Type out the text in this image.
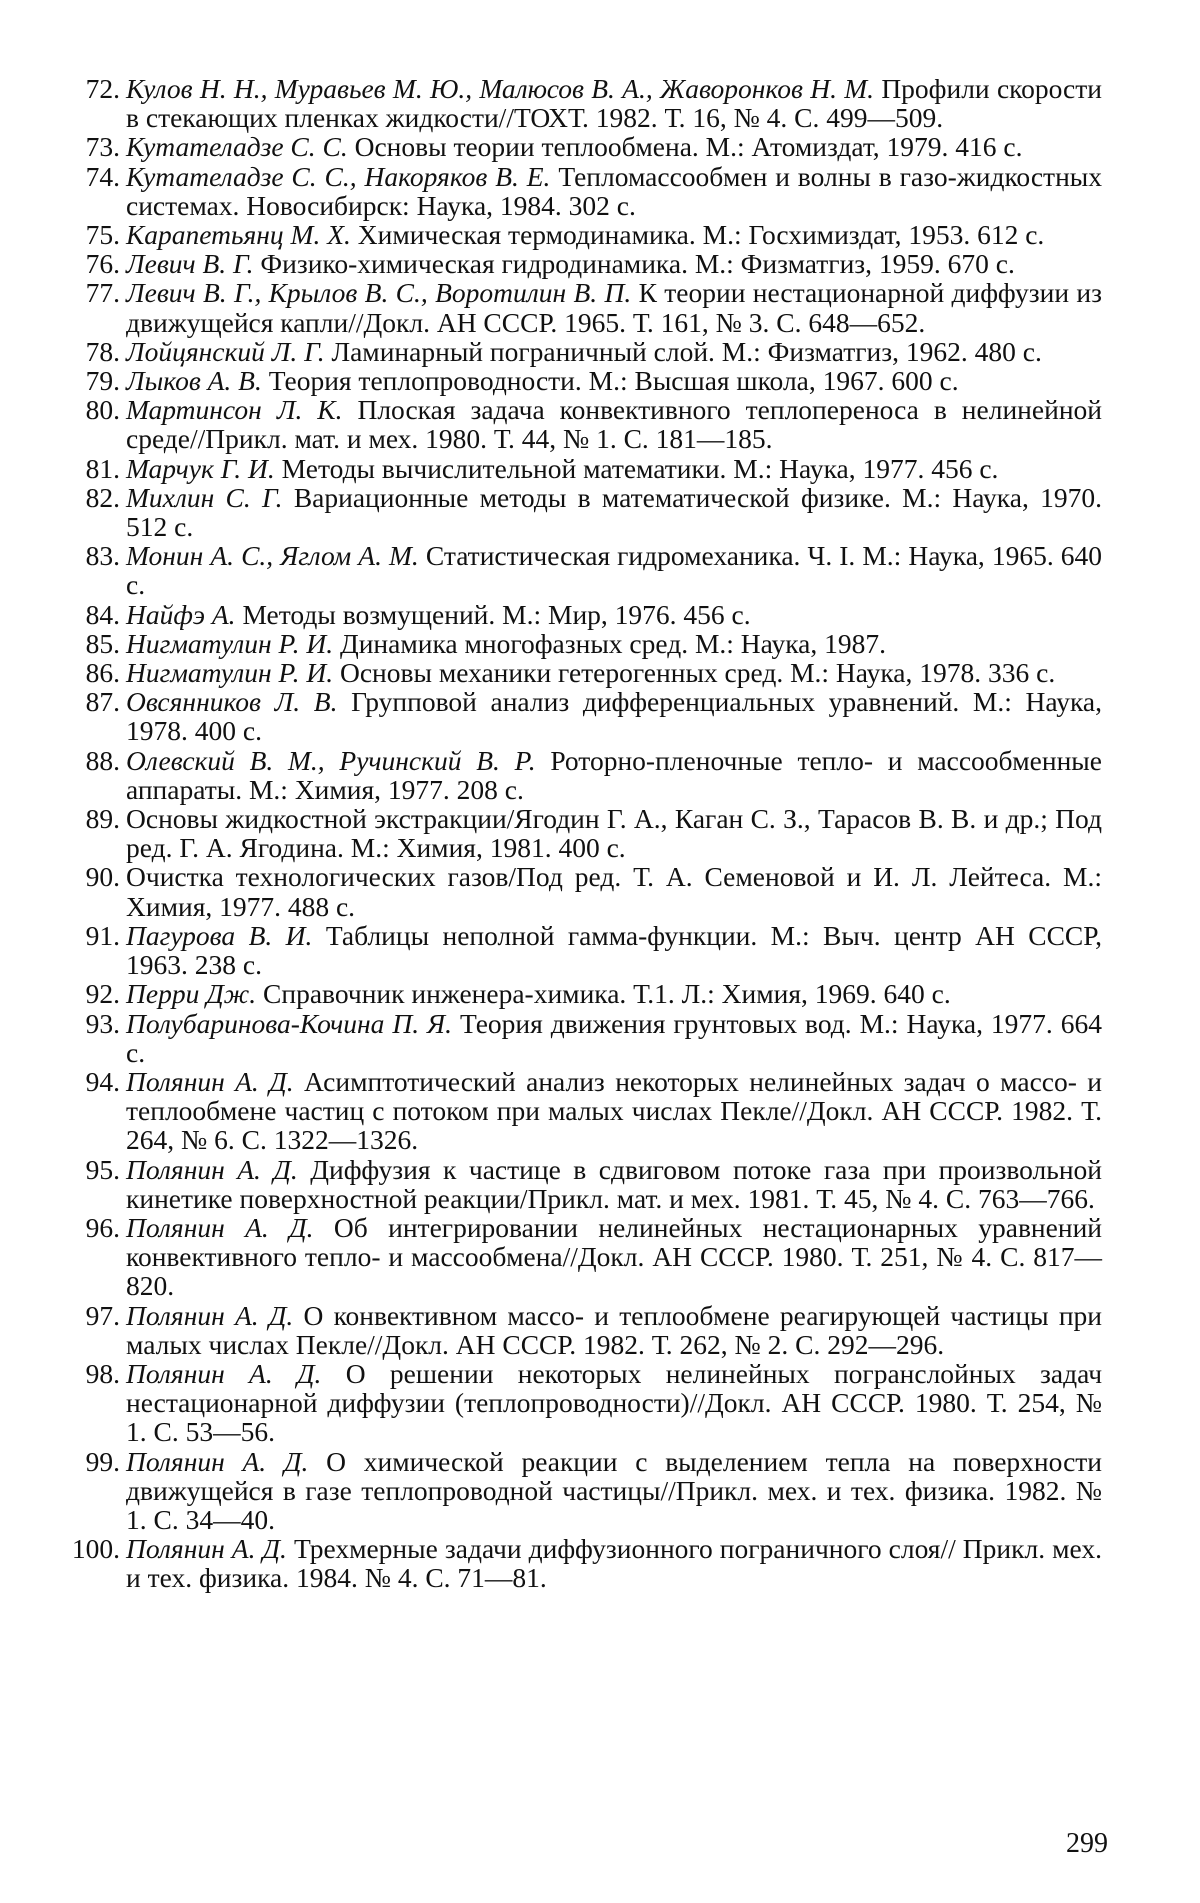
72. Кулов Н. Н., Муравьев М. Ю., Малюсов В. А., Жаворонков Н. М. Профили скорости в стекающих пленках жидкости//ТОХТ. 1982. Т. 16, № 4. С. 499—509.
73. Кутателадзе С. С. Основы теории теплообмена. М.: Атомиздат, 1979. 416 с.
74. Кутателадзе С. С., Накоряков В. Е. Тепломассообмен и волны в газо-жидкостных системах. Новосибирск: Наука, 1984. 302 с.
75. Карапетьянц М. Х. Химическая термодинамика. М.: Госхимиздат, 1953. 612 с.
76. Левич В. Г. Физико-химическая гидродинамика. М.: Физматгиз, 1959. 670 с.
77. Левич В. Г., Крылов В. С., Воротилин В. П. К теории нестационарной диффузии из движущейся капли//Докл. АН СССР. 1965. Т. 161, № 3. С. 648—652.
78. Лойцянский Л. Г. Ламинарный пограничный слой. М.: Физматгиз, 1962. 480 с.
79. Лыков А. В. Теория теплопроводности. М.: Высшая школа, 1967. 600 с.
80. Мартинсон Л. К. Плоская задача конвективного теплопереноса в нелинейной среде//Прикл. мат. и мех. 1980. Т. 44, № 1. С. 181—185.
81. Марчук Г. И. Методы вычислительной математики. М.: Наука, 1977. 456 с.
82. Михлин С. Г. Вариационные методы в математической физике. М.: Наука, 1970. 512 с.
83. Монин А. С., Яглом А. М. Статистическая гидромеханика. Ч. I. М.: Наука, 1965. 640 с.
84. Найфэ А. Методы возмущений. М.: Мир, 1976. 456 с.
85. Нигматулин Р. И. Динамика многофазных сред. М.: Наука, 1987.
86. Нигматулин Р. И. Основы механики гетерогенных сред. М.: Наука, 1978. 336 с.
87. Овсянников Л. В. Групповой анализ дифференциальных уравнений. М.: Наука, 1978. 400 с.
88. Олевский В. М., Ручинский В. Р. Роторно-пленочные тепло- и массообменные аппараты. М.: Химия, 1977. 208 с.
89. Основы жидкостной экстракции/Ягодин Г. А., Каган С. З., Тарасов В. В. и др.; Под ред. Г. А. Ягодина. М.: Химия, 1981. 400 с.
90. Очистка технологических газов/Под ред. Т. А. Семеновой и И. Л. Лейтеса. М.: Химия, 1977. 488 с.
91. Пагурова В. И. Таблицы неполной гамма-функции. М.: Выч. центр АН СССР, 1963. 238 с.
92. Перри Дж. Справочник инженера-химика. Т.1. Л.: Химия, 1969. 640 с.
93. Полубаринова-Кочина П. Я. Теория движения грунтовых вод. М.: Наука, 1977. 664 с.
94. Полянин А. Д. Асимптотический анализ некоторых нелинейных задач о массо- и теплообмене частиц с потоком при малых числах Пекле//Докл. АН СССР. 1982. Т. 264, № 6. С. 1322—1326.
95. Полянин А. Д. Диффузия к частице в сдвиговом потоке газа при произвольной кинетике поверхностной реакции/Прикл. мат. и мех. 1981. Т. 45, № 4. С. 763—766.
96. Полянин А. Д. Об интегрировании нелинейных нестационарных уравнений конвективного тепло- и массообмена//Докл. АН СССР. 1980. Т. 251, № 4. С. 817—820.
97. Полянин А. Д. О конвективном массо- и теплообмене реагирующей частицы при малых числах Пекле//Докл. АН СССР. 1982. Т. 262, № 2. С. 292—296.
98. Полянин А. Д. О решении некоторых нелинейных погранслойных задач нестационарной диффузии (теплопроводности)//Докл. АН СССР. 1980. Т. 254, № 1. С. 53—56.
99. Полянин А. Д. О химической реакции с выделением тепла на поверхности движущейся в газе теплопроводной частицы//Прикл. мех. и тех. физика. 1982. № 1. С. 34—40.
100. Полянин А. Д. Трехмерные задачи диффузионного пограничного слоя// Прикл. мех. и тех. физика. 1984. № 4. С. 71—81.
299
